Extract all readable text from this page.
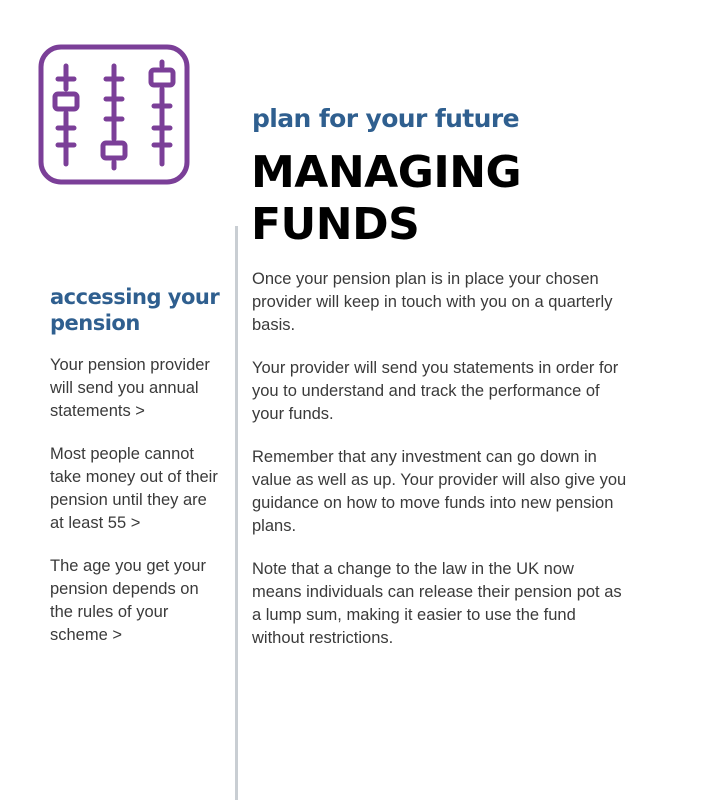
plan for your future
MANAGING
FUNDS
accessing your
pension
Your pension provider
will send you annual
statements >
Most people cannot
take money out of their
pension until they are
at least 55 >
The age you get your
pension depends on
the rules of your
scheme >

Once your pension plan is in place your chosen
provider will keep in touch with you on a quarterly
basis.

Your provider will send you statements in order for
you to understand and track the performance of
your funds.

Remember that any investment can go down in
value as well as up. Your provider will also give you
guidance on how to move funds into new pension
plans.

Note that a change to the law in the UK now
means individuals can release their pension pot as
a lump sum, making it easier to use the fund
without restrictions.
